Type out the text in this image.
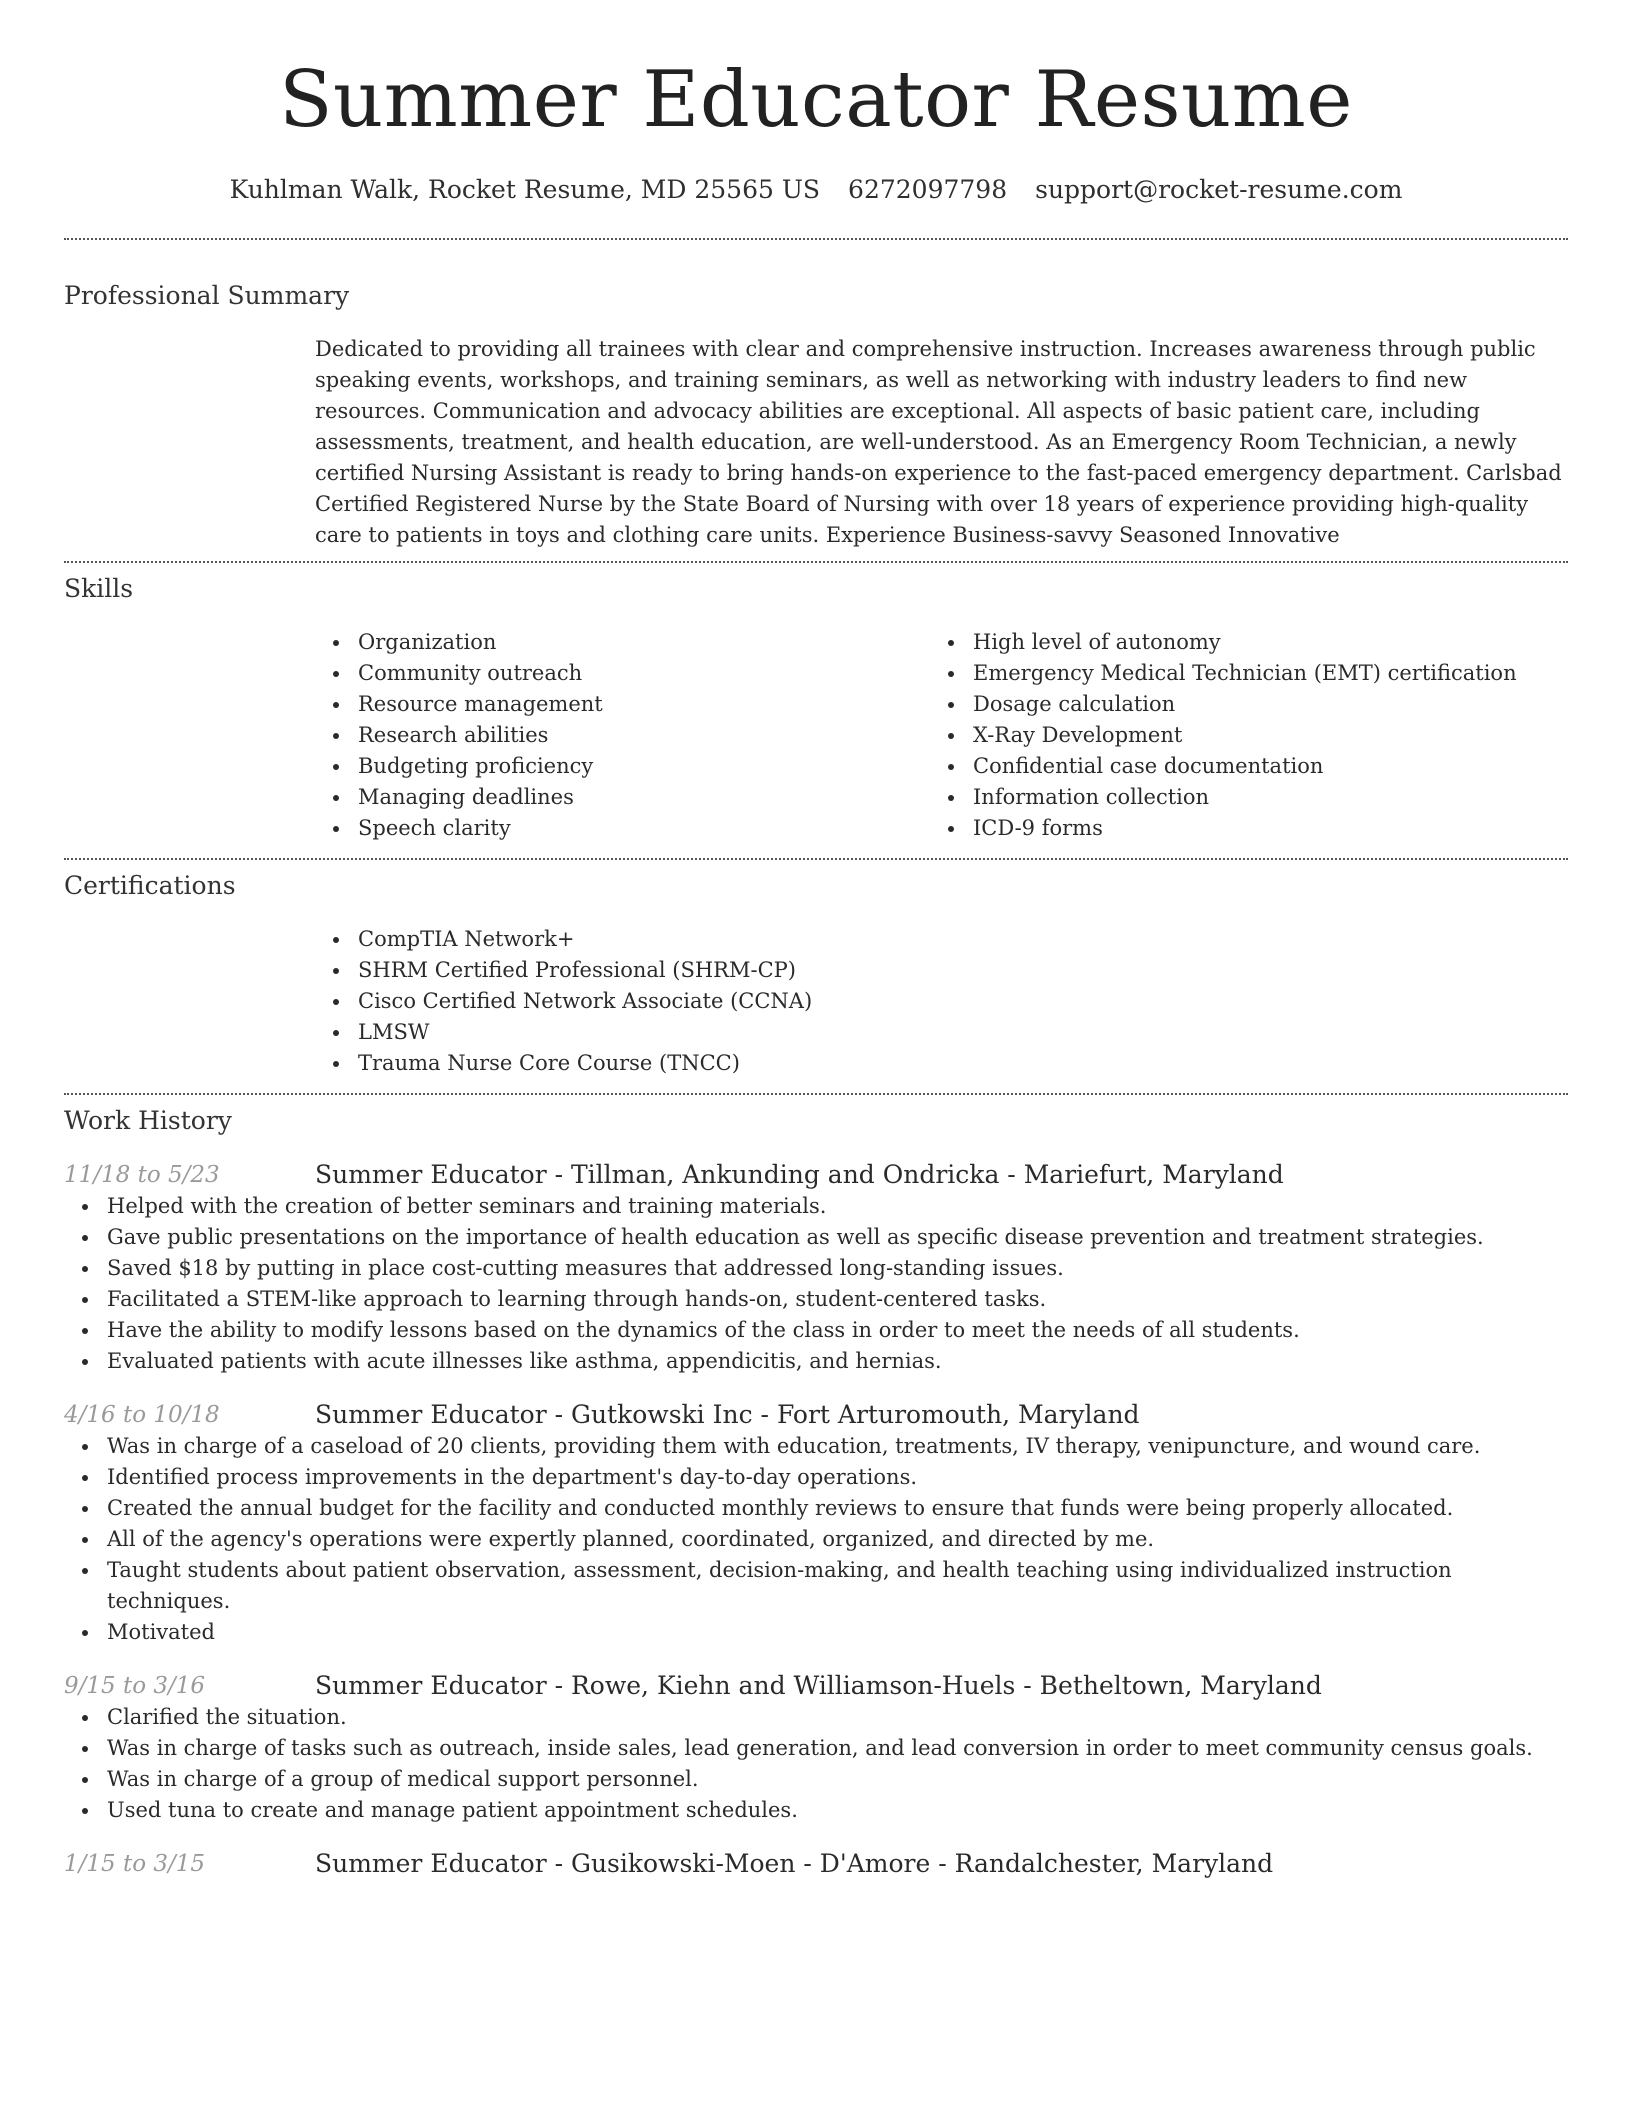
Summer Educator Resume
Kuhlman Walk, Rocket Resume, MD 25565 US 6272097798 support@rocket-resume.com
Professional Summary

Dedicated to providing all trainees with clear and comprehensive instruction. Increases awareness through public speaking events, workshops, and training seminars, as well as networking with industry leaders to find new resources. Communication and advocacy abilities are exceptional. All aspects of basic patient care, including assessments, treatment, and health education, are well-understood. As an Emergency Room Technician, a newly certified Nursing Assistant is ready to bring hands-on experience to the fast-paced emergency department. Carlsbad Certified Registered Nurse by the State Board of Nursing with over 18 years of experience providing high-quality care to patients in toys and clothing care units. Experience Business-savvy Seasoned Innovative

Skills
Organization
Community outreach
Resource management
Research abilities
Budgeting proficiency
Managing deadlines
Speech clarity
High level of autonomy
Emergency Medical Technician (EMT) certification
Dosage calculation
X-Ray Development
Confidential case documentation
Information collection
ICD-9 forms
Certifications
CompTIA Network+
SHRM Certified Professional (SHRM-CP)
Cisco Certified Network Associate (CCNA)
LMSW
Trauma Nurse Core Course (TNCC)
Work History
11/18 to 5/23	Summer Educator - Tillman, Ankunding and Ondricka - Mariefurt, Maryland
Helped with the creation of better seminars and training materials.
Gave public presentations on the importance of health education as well as specific disease prevention and treatment strategies.
Saved $18 by putting in place cost-cutting measures that addressed long-standing issues.
Facilitated a STEM-like approach to learning through hands-on, student-centered tasks.
Have the ability to modify lessons based on the dynamics of the class in order to meet the needs of all students.
Evaluated patients with acute illnesses like asthma, appendicitis, and hernias.
4/16 to 10/18	Summer Educator - Gutkowski Inc - Fort Arturomouth, Maryland
Was in charge of a caseload of 20 clients, providing them with education, treatments, IV therapy, venipuncture, and wound care.
Identified process improvements in the department's day-to-day operations.
Created the annual budget for the facility and conducted monthly reviews to ensure that funds were being properly allocated.
All of the agency's operations were expertly planned, coordinated, organized, and directed by me.
Taught students about patient observation, assessment, decision-making, and health teaching using individualized instruction techniques.
Motivated
9/15 to 3/16	Summer Educator - Rowe, Kiehn and Williamson-Huels - Betheltown, Maryland
Clarified the situation.
Was in charge of tasks such as outreach, inside sales, lead generation, and lead conversion in order to meet community census goals.
Was in charge of a group of medical support personnel.
Used tuna to create and manage patient appointment schedules.
1/15 to 3/15	Summer Educator - Gusikowski-Moen - D'Amore - Randalchester, Maryland
